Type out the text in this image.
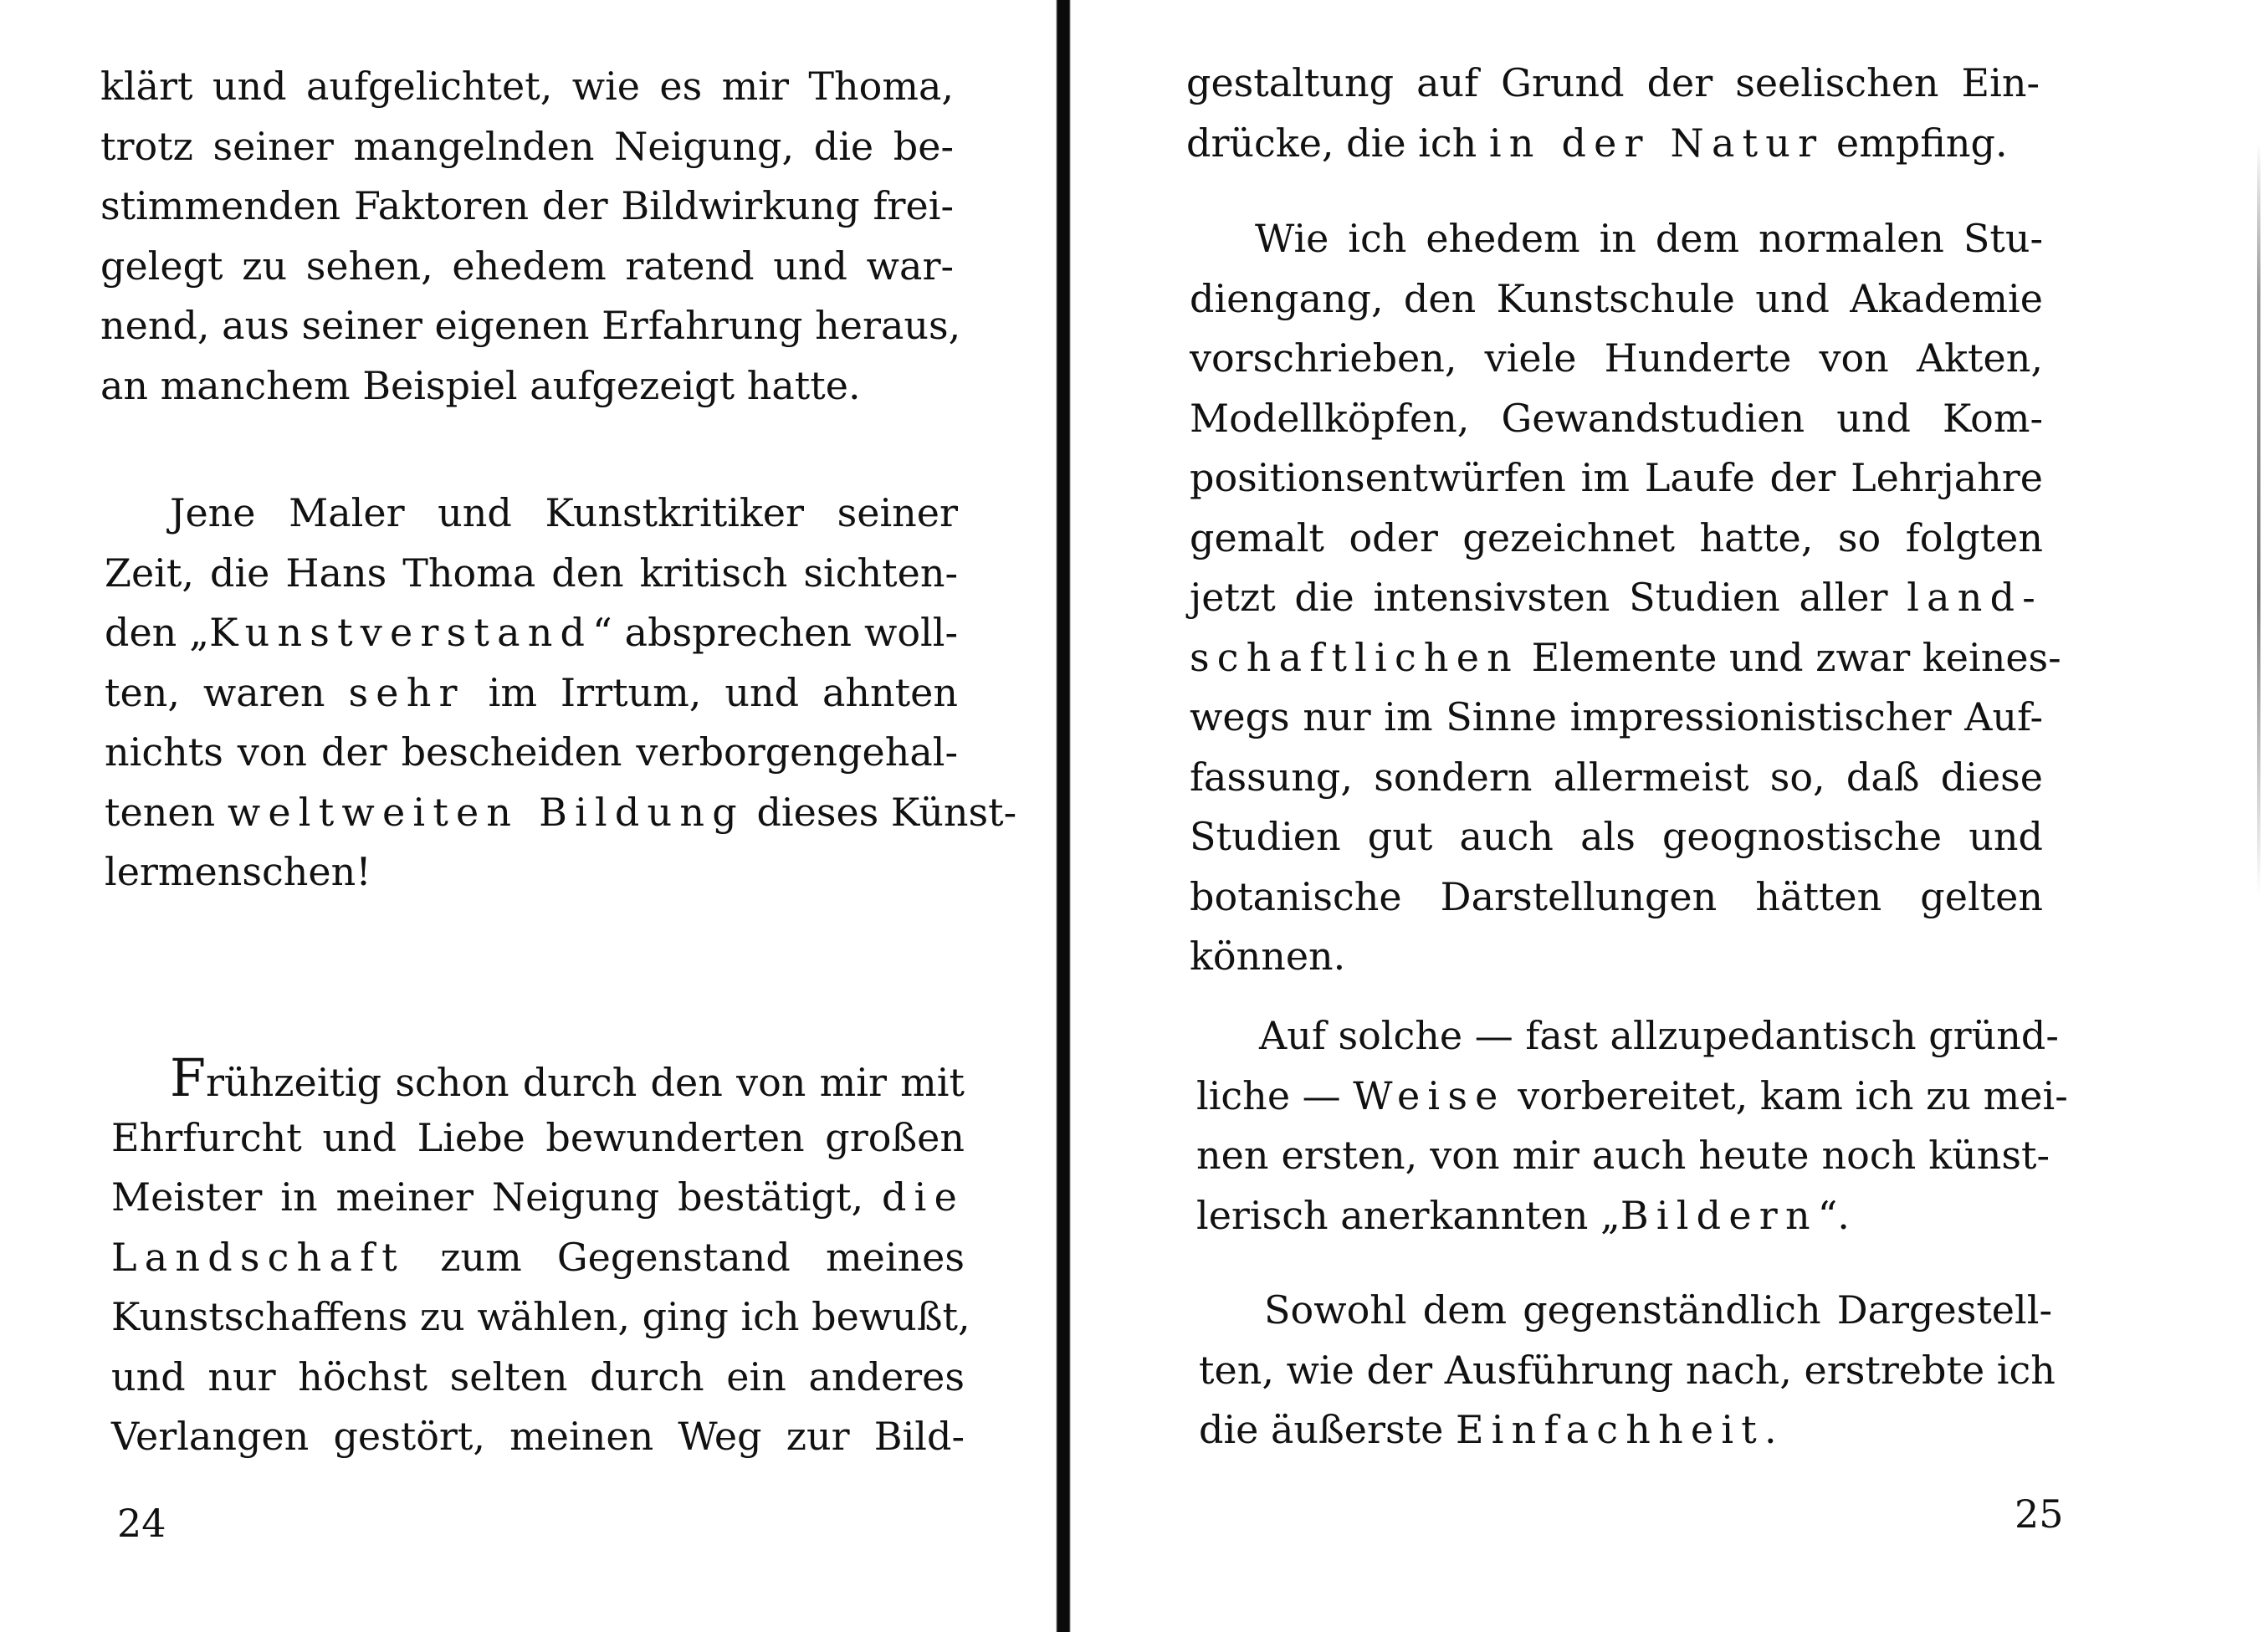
klärt und aufgelichtet, wie es mir Thoma,
trotz seiner mangelnden Neigung, die be-
stimmenden Faktoren der Bildwirkung frei-
gelegt zu sehen, ehedem ratend und war-
nend, aus seiner eigenen Erfahrung heraus,
an manchem Beispiel aufgezeigt hatte.
Jene Maler und Kunstkritiker seiner
Zeit, die Hans Thoma den kritisch sichten-
den „Kunstverstand“ absprechen woll-
ten, waren sehr im Irrtum, und ahnten
nichts von der bescheiden verborgengehal-
tenen weltweiten Bildung dieses Künst-
lermenschen!
Frühzeitig schon durch den von mir mit
Ehrfurcht und Liebe bewunderten großen
Meister in meiner Neigung bestätigt, die
Landschaft zum Gegenstand meines
Kunstschaffens zu wählen, ging ich bewußt,
und nur höchst selten durch ein anderes
Verlangen gestört, meinen Weg zur Bild-
24
gestaltung auf Grund der seelischen Ein-
drücke, die ich in der Natur empfing.
Wie ich ehedem in dem normalen Stu-
diengang, den Kunstschule und Akademie
vorschrieben, viele Hunderte von Akten,
Modellköpfen, Gewandstudien und Kom-
positionsentwürfen im Laufe der Lehrjahre
gemalt oder gezeichnet hatte, so folgten
jetzt die intensivsten Studien aller land-
schaftlichen Elemente und zwar keines-
wegs nur im Sinne impressionistischer Auf-
fassung, sondern allermeist so, daß diese
Studien gut auch als geognostische und
botanische Darstellungen hätten gelten
können.
Auf solche — fast allzupedantisch gründ-
liche — Weise vorbereitet, kam ich zu mei-
nen ersten, von mir auch heute noch künst-
lerisch anerkannten „Bildern“.
Sowohl dem gegenständlich Dargestell-
ten, wie der Ausführung nach, erstrebte ich
die äußerste Einfachheit.
25
